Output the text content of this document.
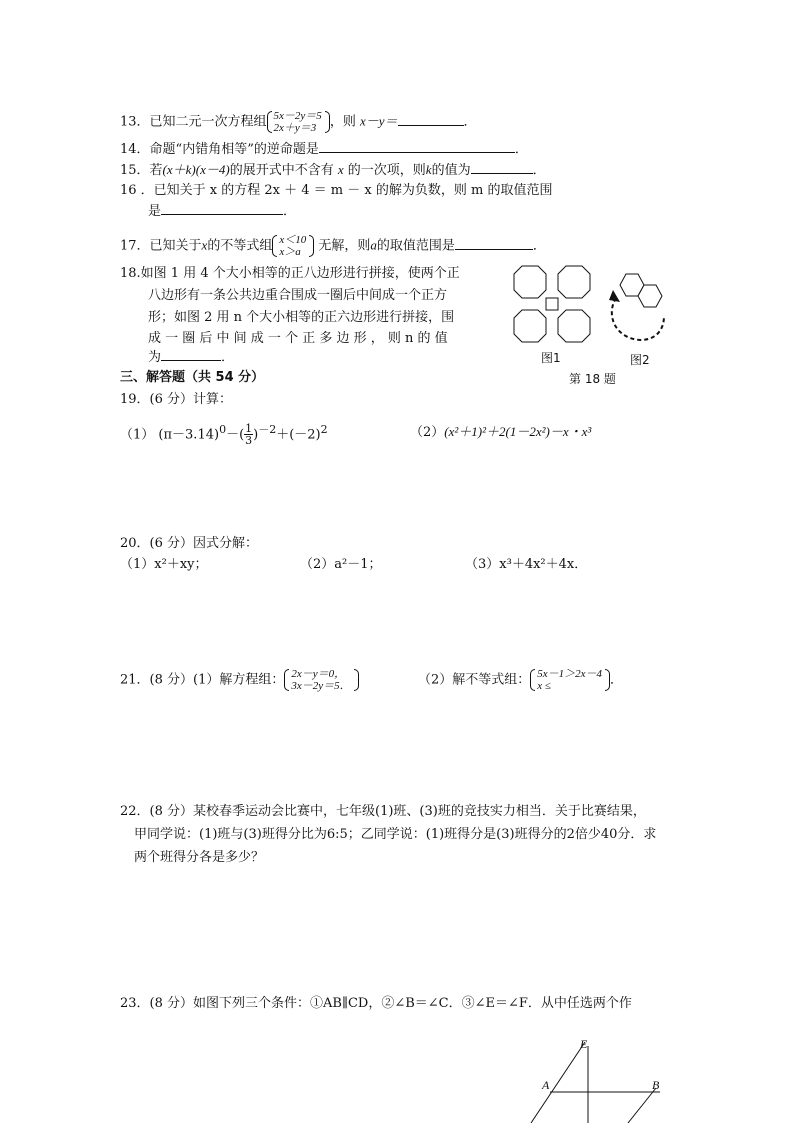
13．已知二元一次方程组 5x－2y＝5
2x＋y＝3	，则 x－y＝	．
14．命题“内错角相等”的逆命题是	．
15．若(x＋k)(x－4)的展开式中不含有 x 的一次项，则k的值为	．
16 ．已知关于 x 的方程 2x ＋ 4 ＝ m － x 的解为负数，则 m 的取值范围
是	．
17．已知关于x的不等式组 x＜10
x＞a	无解，则a的取值范围是	．
18.如图 1 用 4 个大小相等的正八边形进行拼接，使两个正
八边形有一条公共边重合围成一圈后中间成一个正方
形；如图 2 用 n 个大小相等的正六边形进行拼接，围
成 一 圈 后 中 间 成 一 个 正 多 边 形 ， 则 n 的 值
为	．	图1	图2
第 18 题
三、解答题（共 54 分）
19．(6 分）计算：
（1） $(\pi-3.14)^0-( \frac{1}{3} )^{-2}+(-2)^2$	（2）(x²＋1)²＋2(1－2x²)－x・x³
20．(6 分）因式分解：
（1）x²＋xy；	（2）a²－1；	（3）x³＋4x²＋4x．
21．(8 分）(1）解方程组： 2x－y＝0，
3x－2y＝5．	（2）解不等式组： 5x－1＞2x－4
x ≤	．
22．(8 分）某校春季运动会比赛中，七年级(1)班、(3)班的竞技实力相当．关于比赛结果，
甲同学说：(1)班与(3)班得分比为6:5；乙同学说：(1)班得分是(3)班得分的2倍少40分．求
两个班得分各是多少？
23．(8 分）如图下列三个条件：①AB∥CD，②∠B＝∠C．③∠E＝∠F．从中任选两个作
E
A	B
